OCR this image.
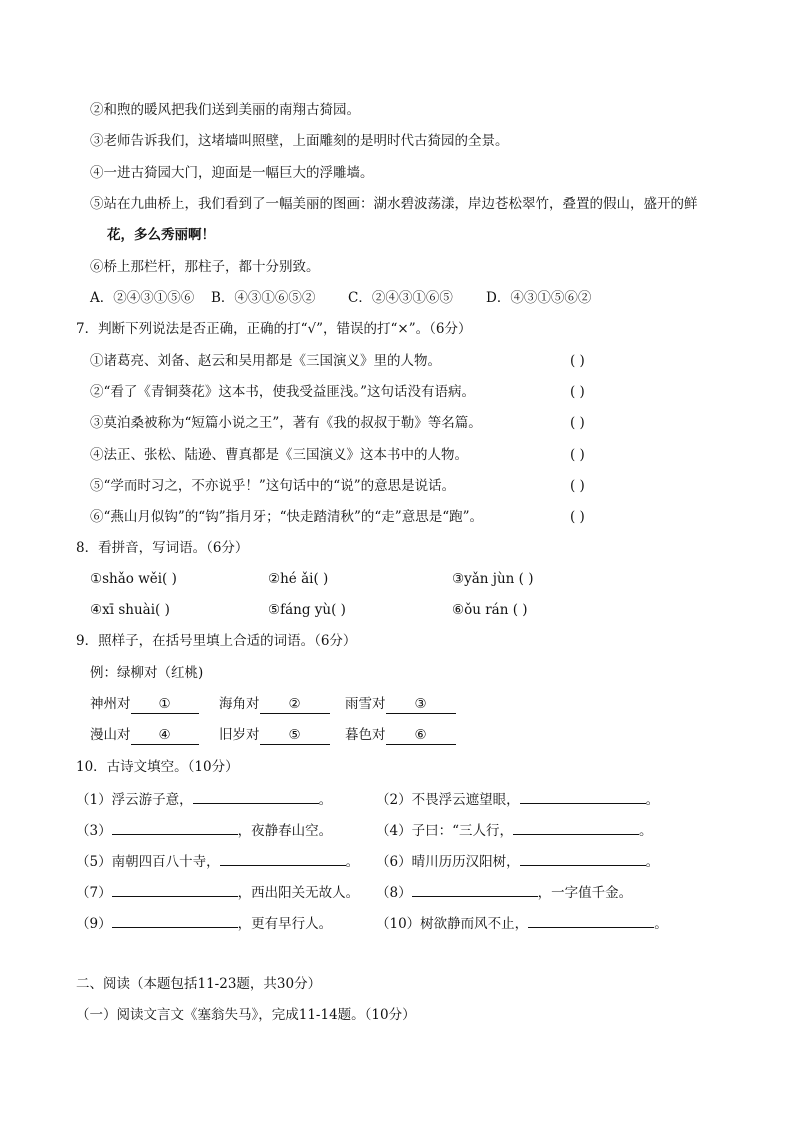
②和煦的暖风把我们送到美丽的南翔古猗园。
③老师告诉我们，这堵墙叫照壁，上面雕刻的是明时代古猗园的全景。
④一进古猗园大门，迎面是一幅巨大的浮雕墙。
⑤站在九曲桥上，我们看到了一幅美丽的图画：湖水碧波荡漾，岸边苍松翠竹，叠置的假山，盛开的鲜
花，多么秀丽啊！
⑥桥上那栏杆，那柱子，都十分别致。
A．②④③①⑤⑥ B．④③①⑥⑤② C．②④③①⑥⑤ D．④③①⑤⑥②
7．判断下列说法是否正确，正确的打“√”，错误的打“×”。（6分）
①诸葛亮、刘备、赵云和吴用都是《三国演义》里的人物。	( )
②“看了《青铜葵花》这本书，使我受益匪浅。”这句话没有语病。	( )
③莫泊桑被称为“短篇小说之王”，著有《我的叔叔于勒》等名篇。	( )
④法正、张松、陆逊、曹真都是《三国演义》这本书中的人物。	( )
⑤“学而时习之，不亦说乎！”这句话中的“说”的意思是说话。	( )
⑥“燕山月似钩”的“钩”指月牙；“快走踏清秋”的“走”意思是“跑”。	( )
8．看拼音，写词语。（6分）
①shǎo wěi( )	②hé ǎi( )	③yǎn jùn ( )
④xī shuài( )	⑤fáng yù( )	⑥ǒu rán ( )
9．照样子，在括号里填上合适的词语。（6分）
例：绿柳对（红桃)
神州对 ①	海角对 ②	雨雪对 ③
漫山对 ④	旧岁对 ⑤	暮色对 ⑥
10．古诗文填空。（10分）
（1）浮云游子意，	。	（2）不畏浮云遮望眼，	。
（3）	，夜静春山空。	（4）子曰：“三人行，	。
（5）南朝四百八十寺，	。 （6）晴川历历汉阳树，	。
（7）	，西出阳关无故人。 （8）	，一字值千金。
（9）	，更有早行人。	（10）树欲静而风不止，	。
二、阅读（本题包括11-23题，共30分）
（一）阅读文言文《塞翁失马》，完成11-14题。（10分）
